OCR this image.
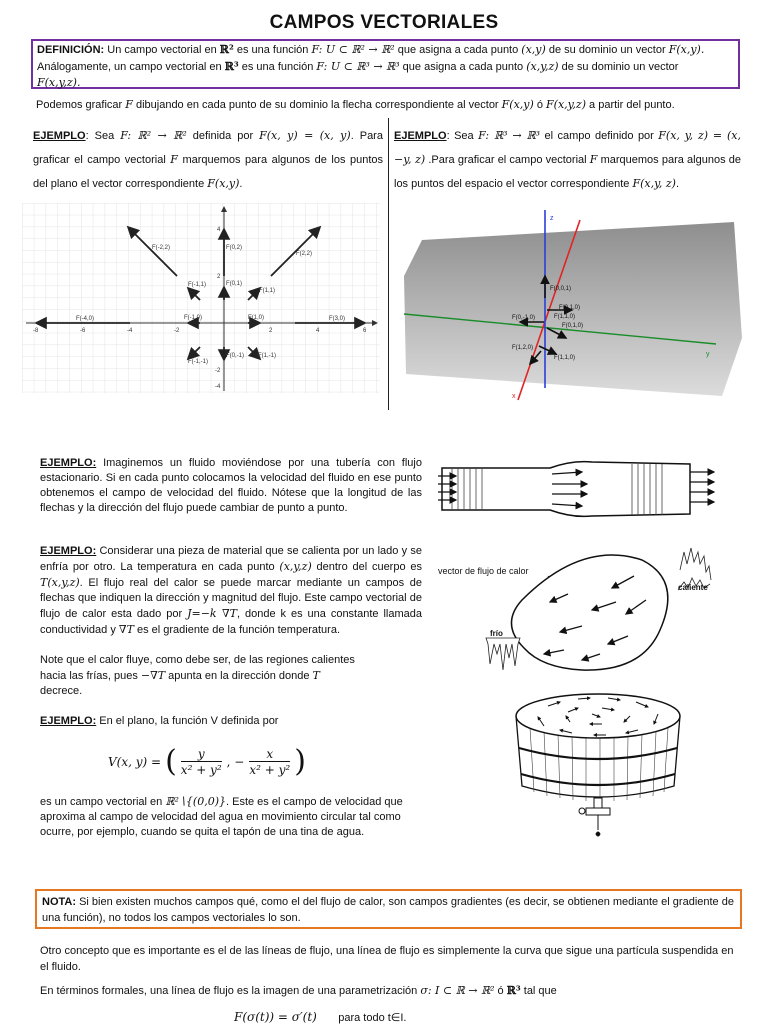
CAMPOS VECTORIALES
DEFINICIÓN: Un campo vectorial en ℝ² es una función F: U ⊂ ℝ² → ℝ² que asigna a cada punto (x,y) de su dominio un vector F(x,y).
Análogamente, un campo vectorial en ℝ³ es una función F: U ⊂ ℝ³ → ℝ³ que asigna a cada punto (x,y,z) de su dominio un vector
F(x,y,z).
Podemos graficar F dibujando en cada punto de su dominio la flecha correspondiente al vector F(x,y) ó F(x,y,z) a partir del punto.
EJEMPLO: Sea F: ℝ² → ℝ² definida por F(x, y) = (x, y). Para graficar el campo vectorial F marquemos para algunos de los puntos del plano el vector correspondiente F(x,y).
EJEMPLO: Sea F: ℝ³ → ℝ³ el campo definido por F(x, y, z) = (x, −y, z) .Para graficar el campo vectorial F marquemos para algunos de los puntos del espacio el vector correspondiente F(x,y, z).
-8	-6	-4	-2	2	4	6
4
2
-2
-4
F(-2,2)	F(0,2)
F(2,2)
F(-1,1)	F(0,1)
F(1,1)
F(-4,0)	F(-1,0)	F(1,0)	F(3,0)
F(-1,-1)
F(0,-1) F(1,-1)
z
x
y
F(0,0,1)
F(0,1,0)
F(0,-1,0)	F(1,1,0)
F(0,1,0)
F(1,2,0)
F(1,1,0)
EJEMPLO: Imaginemos un fluido moviéndose por una tubería con flujo estacionario. Si en cada punto colocamos la velocidad del fluido en ese punto obtenemos el campo de velocidad del fluido. Nótese que la longitud de las flechas y la dirección del flujo puede cambiar de punto a punto.
EJEMPLO: Considerar una pieza de material que se calienta por un lado y se enfría por otro. La temperatura en cada punto (x,y,z) dentro del cuerpo es T(x,y,z). El flujo real del calor se puede marcar mediante un campos de flechas que indiquen la dirección y magnitud del flujo. Este campo vectorial de flujo de calor esta dado por J=−k ∇T, donde k es una constante llamada conductividad y ∇T es el gradiente de la función temperatura.
Note que el calor fluye, como debe ser, de las regiones calientes hacia las frías, pues −∇T apunta en la dirección donde T decrece.
vector de flujo de calor
caliente
frío
EJEMPLO: En el plano, la función V definida por
V(x, y) = ( $\frac{y}{\text{x² + y²}}$ , − $\frac{x}{\text{x² + y²}}$ )
es un campo vectorial en ℝ²∖{(0,0)}. Este es el campo de velocidad que aproxima al campo de velocidad del agua en movimiento circular tal como ocurre, por ejemplo, cuando se quita el tapón de una tina de agua.
NOTA: Si bien existen muchos campos qué, como el del flujo de calor, son campos gradientes (es decir, se obtienen mediante el gradiente de una función), no todos los campos vectoriales lo son.
Otro concepto que es importante es el de las líneas de flujo, una línea de flujo es simplemente la curva que sigue una partícula suspendida en el fluido.
En términos formales, una línea de flujo es la imagen de una parametrización σ: I ⊂ ℝ → ℝ² ó ℝ³ tal que
F(σ(t)) = σ′(t) para todo t∈I.
